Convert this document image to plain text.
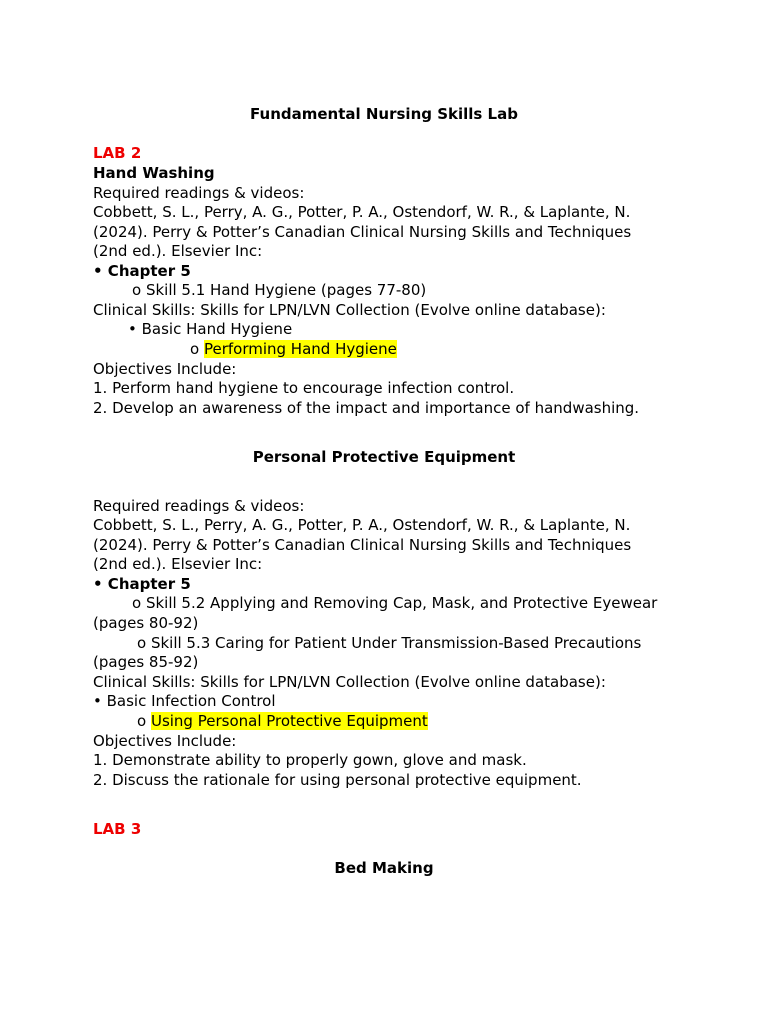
Fundamental Nursing Skills Lab
LAB 2
Hand Washing
Required readings & videos:
Cobbett, S. L., Perry, A. G., Potter, P. A., Ostendorf, W. R., & Laplante, N.
(2024). Perry & Potter’s Canadian Clinical Nursing Skills and Techniques
(2nd ed.). Elsevier Inc:
• Chapter 5
o Skill 5.1 Hand Hygiene (pages 77-80)
Clinical Skills: Skills for LPN/LVN Collection (Evolve online database):
• Basic Hand Hygiene
o Performing Hand Hygiene
Objectives Include:
1. Perform hand hygiene to encourage infection control.
2. Develop an awareness of the impact and importance of handwashing.
Personal Protective Equipment
Required readings & videos:
Cobbett, S. L., Perry, A. G., Potter, P. A., Ostendorf, W. R., & Laplante, N.
(2024). Perry & Potter’s Canadian Clinical Nursing Skills and Techniques
(2nd ed.). Elsevier Inc:
• Chapter 5
o Skill 5.2 Applying and Removing Cap, Mask, and Protective Eyewear
(pages 80-92)
o Skill 5.3 Caring for Patient Under Transmission-Based Precautions
(pages 85-92)
Clinical Skills: Skills for LPN/LVN Collection (Evolve online database):
• Basic Infection Control
o Using Personal Protective Equipment
Objectives Include:
1. Demonstrate ability to properly gown, glove and mask.
2. Discuss the rationale for using personal protective equipment.
LAB 3
Bed Making
